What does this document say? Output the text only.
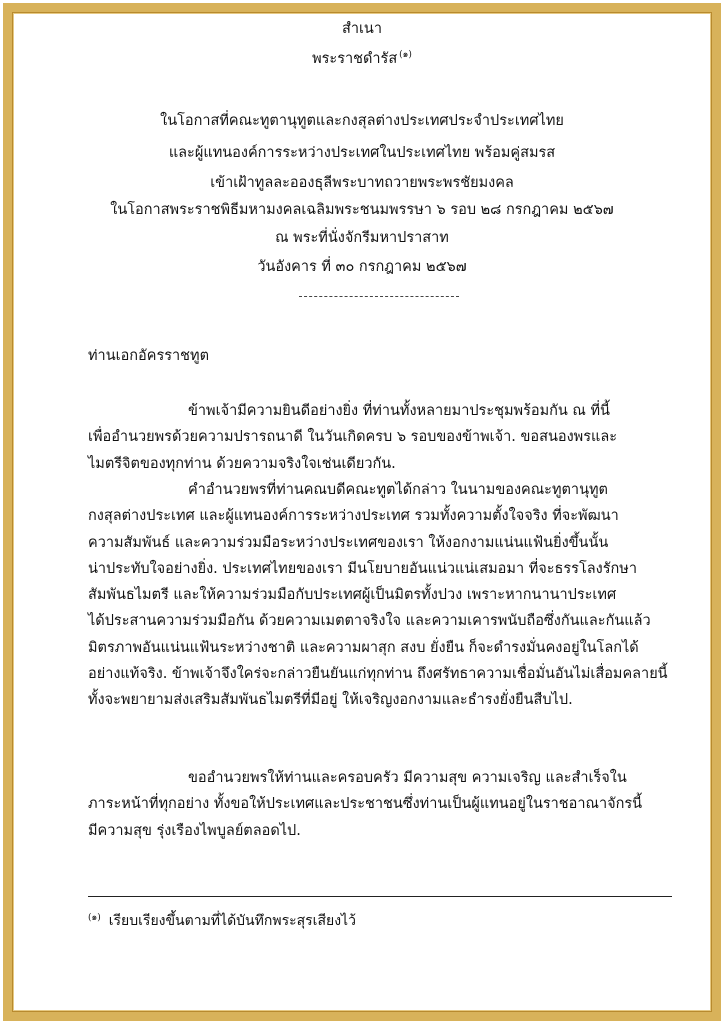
สำเนา
พระราชดำรัส $^{(๑)}$
ในโอกาสที่คณะทูตานุทูตและกงสุลต่างประเทศประจำประเทศไทย
และผู้แทนองค์การระหว่างประเทศในประเทศไทย พร้อมคู่สมรส
เข้าเฝ้าทูลละอองธุลีพระบาทถวายพระพรชัยมงคล
ในโอกาสพระราชพิธีมหามงคลเฉลิมพระชนมพรรษา ๖ รอบ ๒๘ กรกฎาคม ๒๕๖๗
ณ พระที่นั่งจักรีมหาปราสาท
วันอังคาร ที่ ๓๐ กรกฎาคม ๒๕๖๗
ท่านเอกอัครราชทูต
ข้าพเจ้ามีความยินดีอย่างยิ่ง ที่ท่านทั้งหลายมาประชุมพร้อมกัน ณ ที่นี้
เพื่ออำนวยพรด้วยความปรารถนาดี ในวันเกิดครบ ๖ รอบของข้าพเจ้า. ขอสนองพรและ
ไมตรีจิตของทุกท่าน ด้วยความจริงใจเช่นเดียวกัน.
คำอำนวยพรที่ท่านคณบดีคณะทูตได้กล่าว ในนามของคณะทูตานุทูต
กงสุลต่างประเทศ และผู้แทนองค์การระหว่างประเทศ รวมทั้งความตั้งใจจริง ที่จะพัฒนา
ความสัมพันธ์ และความร่วมมือระหว่างประเทศของเรา ให้งอกงามแน่นแฟ้นยิ่งขึ้นนั้น
น่าประทับใจอย่างยิ่ง. ประเทศไทยของเรา มีนโยบายอันแน่วแน่เสมอมา ที่จะธรรโลงรักษา
สัมพันธไมตรี และให้ความร่วมมือกับประเทศผู้เป็นมิตรทั้งปวง เพราะหากนานาประเทศ
ได้ประสานความร่วมมือกัน ด้วยความเมตตาจริงใจ และความเคารพนับถือซึ่งกันและกันแล้ว
มิตรภาพอันแน่นแฟ้นระหว่างชาติ และความผาสุก สงบ ยั่งยืน ก็จะดำรงมั่นคงอยู่ในโลกได้
อย่างแท้จริง. ข้าพเจ้าจึงใคร่จะกล่าวยืนยันแก่ทุกท่าน ถึงศรัทธาความเชื่อมั่นอันไม่เสื่อมคลายนี้
ทั้งจะพยายามส่งเสริมสัมพันธไมตรีที่มีอยู่ ให้เจริญงอกงามและธำรงยั่งยืนสืบไป.
ขออำนวยพรให้ท่านและครอบครัว มีความสุข ความเจริญ และสำเร็จใน
ภาระหน้าที่ทุกอย่าง ทั้งขอให้ประเทศและประชาชนซึ่งท่านเป็นผู้แทนอยู่ในราชอาณาจักรนี้
มีความสุข รุ่งเรืองไพบูลย์ตลอดไป.
$^{(๑)}$ เรียบเรียงขึ้นตามที่ได้บันทึกพระสุรเสียงไว้
